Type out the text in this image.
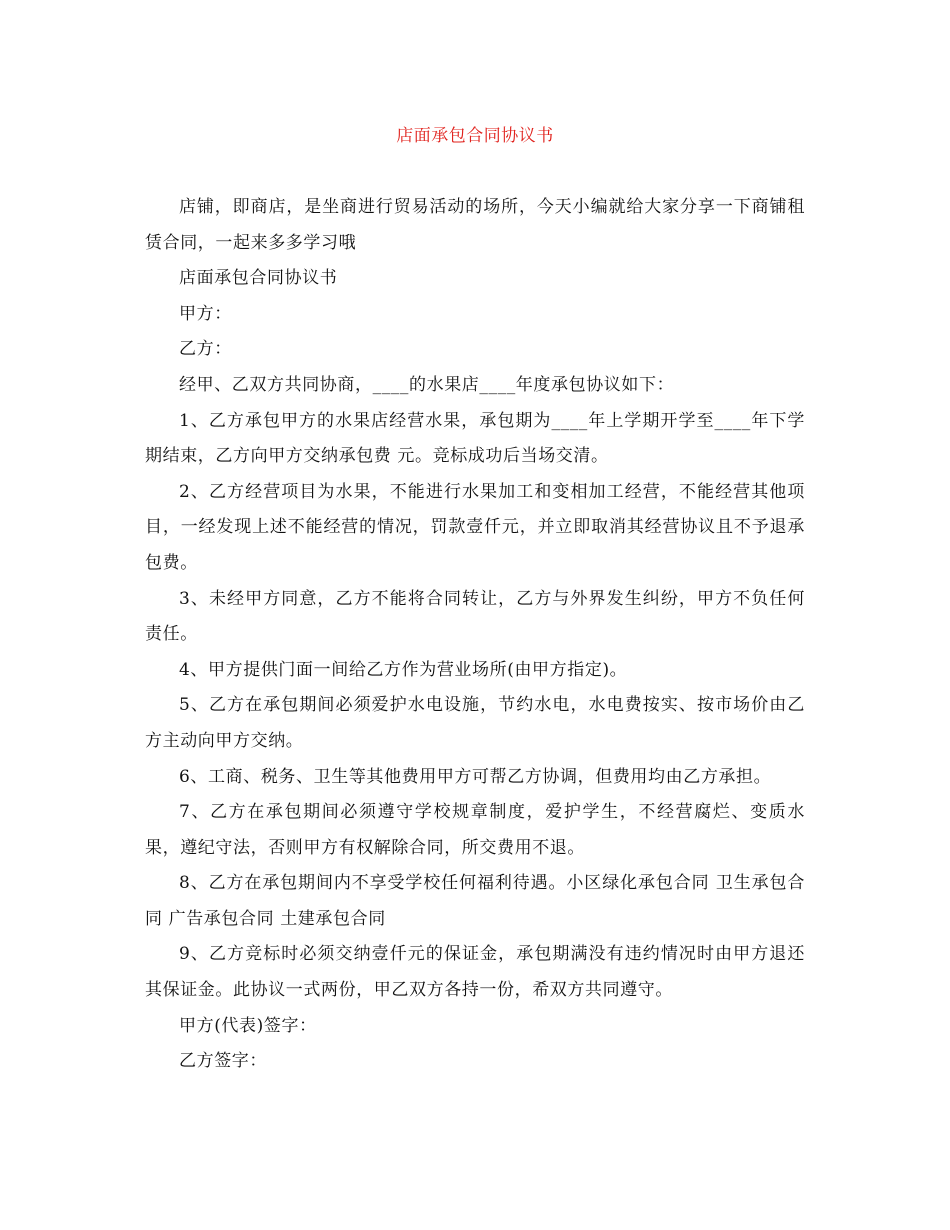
店面承包合同协议书

店铺，即商店，是坐商进行贸易活动的场所，今天小编就给大家分享一下商铺租赁合同，一起来多多学习哦

店面承包合同协议书

甲方：

乙方：

经甲、乙双方共同协商，____的水果店____年度承包协议如下：

1、乙方承包甲方的水果店经营水果，承包期为____年上学期开学至____年下学期结束，乙方向甲方交纳承包费 元。竞标成功后当场交清。

2、乙方经营项目为水果，不能进行水果加工和变相加工经营，不能经营其他项目，一经发现上述不能经营的情况，罚款壹仟元，并立即取消其经营协议且不予退承包费。

3、未经甲方同意，乙方不能将合同转让，乙方与外界发生纠纷，甲方不负任何责任。

4、甲方提供门面一间给乙方作为营业场所(由甲方指定)。

5、乙方在承包期间必须爱护水电设施，节约水电，水电费按实、按市场价由乙方主动向甲方交纳。

6、工商、税务、卫生等其他费用甲方可帮乙方协调，但费用均由乙方承担。

7、乙方在承包期间必须遵守学校规章制度，爱护学生，不经营腐烂、变质水果，遵纪守法，否则甲方有权解除合同，所交费用不退。

8、乙方在承包期间内不享受学校任何福利待遇。小区绿化承包合同 卫生承包合同 广告承包合同 土建承包合同

9、乙方竞标时必须交纳壹仟元的保证金，承包期满没有违约情况时由甲方退还其保证金。此协议一式两份，甲乙双方各持一份，希双方共同遵守。

甲方(代表)签字：

乙方签字：
